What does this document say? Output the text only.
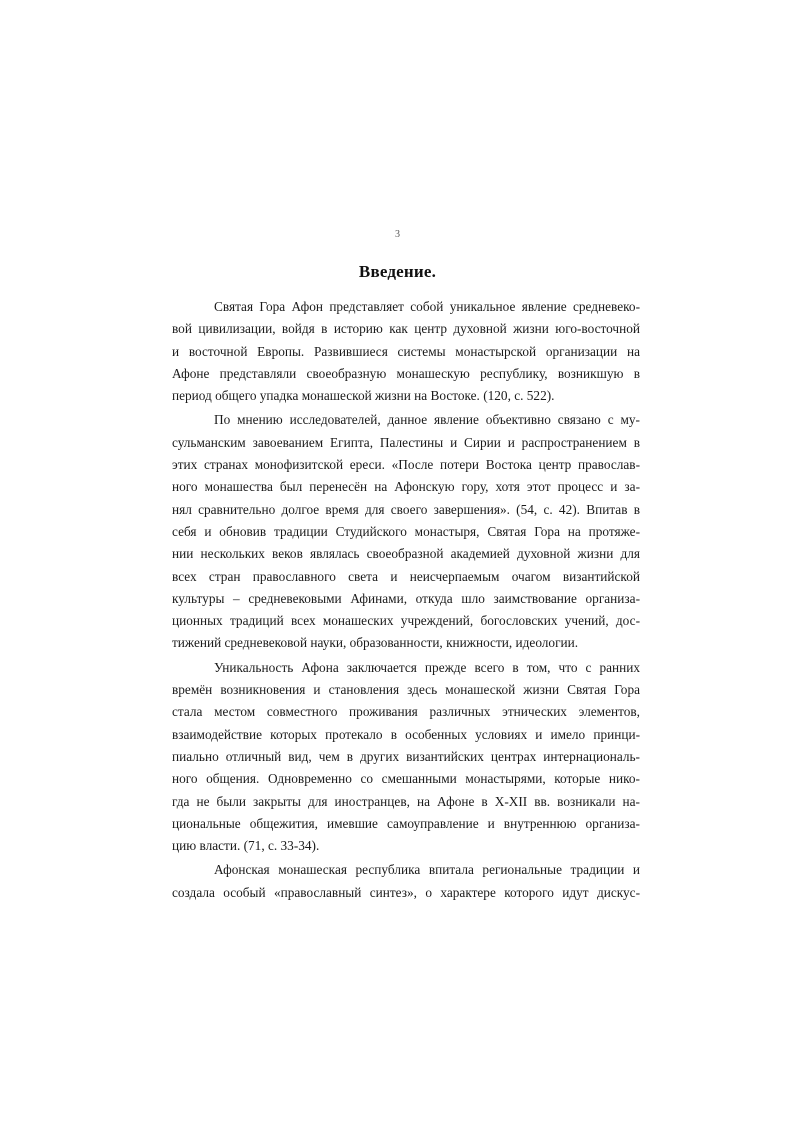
3
Введение.
Святая Гора Афон представляет собой уникальное явление средневеко-
вой цивилизации, войдя в историю как центр духовной жизни юго-восточной
и восточной Европы. Развившиеся системы монастырской организации на
Афоне представляли своеобразную монашескую республику, возникшую в
период общего упадка монашеской жизни на Востоке. (120, с. 522).
По мнению исследователей, данное явление объективно связано с му-
сульманским завоеванием Египта, Палестины и Сирии и распространением в
этих странах монофизитской ереси. «После потери Востока центр православ-
ного монашества был перенесён на Афонскую гору, хотя этот процесс и за-
нял сравнительно долгое время для своего завершения». (54, с. 42). Впитав в
себя и обновив традиции Студийского монастыря, Святая Гора на протяже-
нии нескольких веков являлась своеобразной академией духовной жизни для
всех стран православного света и неисчерпаемым очагом византийской
культуры – средневековыми Афинами, откуда шло заимствование организа-
ционных традиций всех монашеских учреждений, богословских учений, дос-
тижений средневековой науки, образованности, книжности, идеологии.
Уникальность Афона заключается прежде всего в том, что с ранних
времён возникновения и становления здесь монашеской жизни Святая Гора
стала местом совместного проживания различных этнических элементов,
взаимодействие которых протекало в особенных условиях и имело принци-
пиально отличный вид, чем в других византийских центрах интернациональ-
ного общения. Одновременно со смешанными монастырями, которые нико-
гда не были закрыты для иностранцев, на Афоне в X-XII вв. возникали на-
циональные общежития, имевшие самоуправление и внутреннюю организа-
цию власти. (71, с. 33-34).
Афонская монашеская республика впитала региональные традиции и
создала особый «православный синтез», о характере которого идут дискус-
